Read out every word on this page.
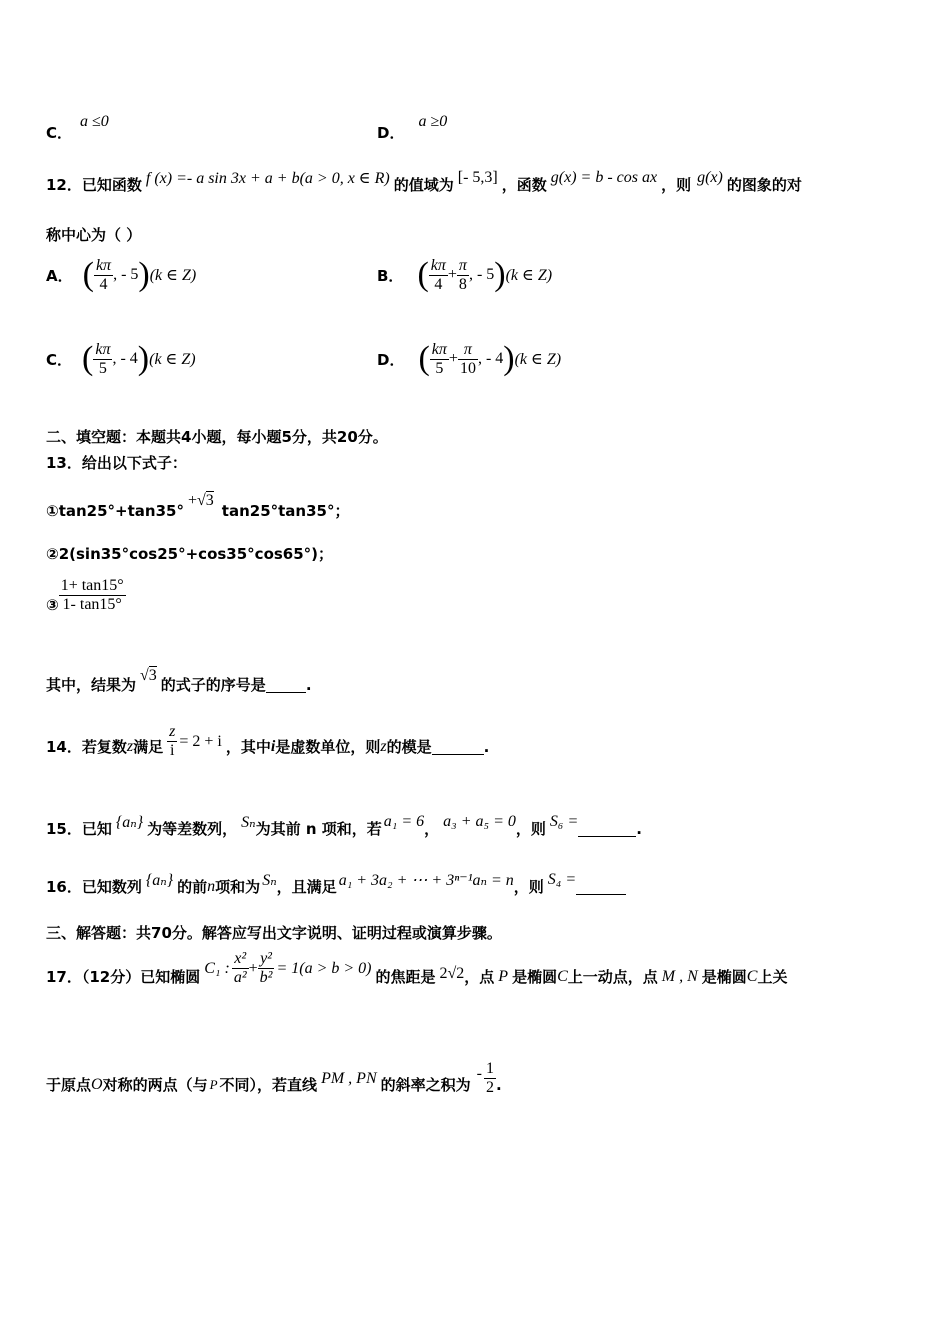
C．
a ≤0
D．
a ≥0
12．已知函数 f (x) =- a sin 3x + a + b(a > 0, x ∈ R) 的值域为 [- 5,3] ，函数 g(x) = b - cos ax ，则 g(x) 的图象的对
称中心为（ ）
A． ( $\frac{k\pi}{4}$ , - 5 ) (k ∈ Z)	B． ( $\frac{k\pi}{4} + \frac{\pi}{8}$ , - 5 ) (k ∈ Z)
C． ( $\frac{k\pi}{5}$ , - 4 ) (k ∈ Z)	D． ( $\frac{k\pi}{5} + \frac{\pi}{10}$ , - 4 ) (k ∈ Z)
二、填空题：本题共4小题，每小题5分，共20分。
13．给出以下式子：
①tan25°+tan35°
+ √3
tan25°tan35°；
②2(sin35°cos25°+cos35°cos65°)；
③ $\frac{1+ \tan 15^\circ}{1- \tan 15^\circ}$
其中，结果为
√3
的式子的序号是	.
14．若复数 z 满足 $\frac{z}{i} = 2 + i$ ，其中 i 是虚数单位，则 z 的模是	.
15．已知 {aₙ} 为等差数列， Sₙ 为其前 n 项和，若 a₁ = 6 ， a₃ + a₅ = 0 ，则 S₆ =	.
16．已知数列 {aₙ} 的前 n 项和为 Sₙ ，且满足 a₁ + 3a₂ + ⋯ + 3ⁿ⁻¹aₙ = n ，则 S₄ =
三、解答题：共70分。解答应写出文字说明、证明过程或演算步骤。
17．（12分）已知椭圆 C₁ : $\frac{\text{x²}}{\text{a²}} + \frac{\text{y²}}{\text{b²}} = 1(a > b > 0)$ 的焦距是 2√2 ，点 P 是椭圆 C 上一动点，点 M , N 是椭圆 C 上关
于原点 O 对称的两点（与 P 不同），若直线 PM , PN 的斜率之积为
- $\frac{1}{2}$ .
